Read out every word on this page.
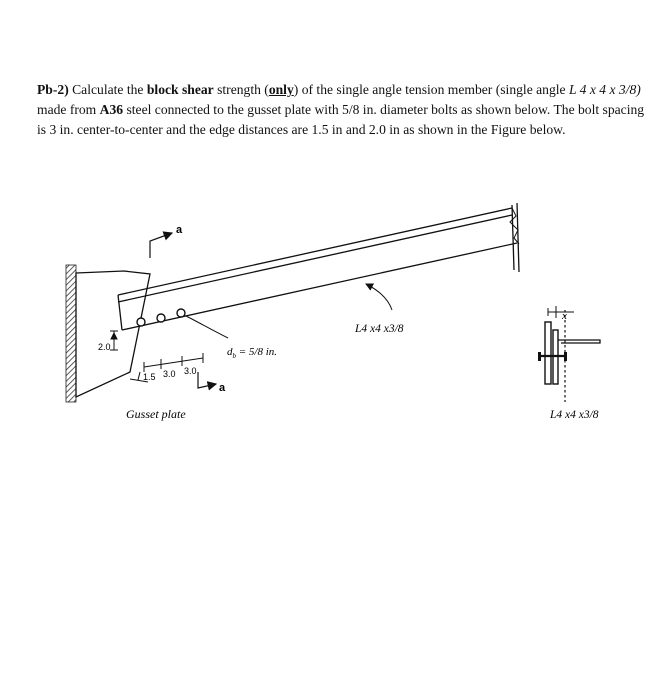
Pb-2) Calculate the block shear strength (only) of the single angle tension member (single angle L 4 x 4 x 3/8) made from A36 steel connected to the gusset plate with 5/8 in. diameter bolts as shown below. The bolt spacing is 3 in. center-to-center and the edge distances are 1.5 in and 2.0 in as shown in the Figure below.

a
a
L4 x4 x3/8
$d_b = 5/8$ in.
2.0
1.5 3.0 3.0
Gusset plate
x
L4 x4 x3/8
